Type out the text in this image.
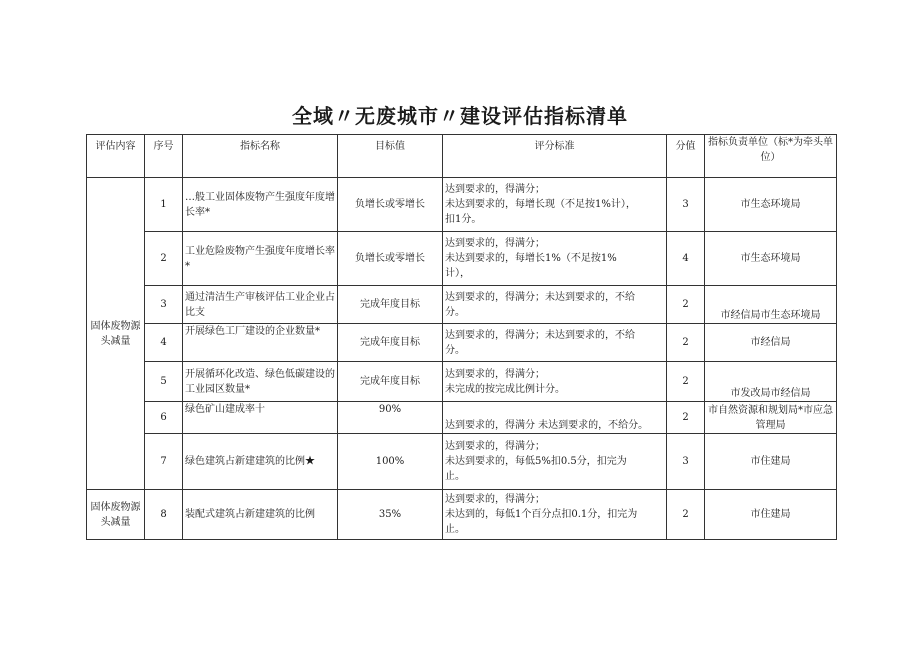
全域〃无废城市〃建设评估指标清单
评估内容	序号	指标名称	目标值	评分标准	分值	指标负责单位（标*为牵头单位）
固体废物源头减量	1	…般工业固体废物产生强度年度增长率*	负增长或零增长	达到要求的，得满分；
未达到要求的，每增长现（不足按1%计），
扣1分。	3	市生态环境局
	2	工业危险废物产生强度年度增长率*	负增长或零增长	达到要求的，得满分；
未达到要求的，每增长1%（不足按1%
计），	4	市生态环境局
	3	通过清洁生产审核评估工业企业占比支	完成年度目标	达到要求的，得满分；未达到要求的，不给
分。	2	市经信局市生态环境局
	4	开展绿色工厂建设的企业数量*	完成年度目标	达到要求的，得满分；未达到要求的，不给
分。	2	市经信局
	5	开展循环化改造、绿色低碳建设的工业园区数量*	完成年度目标	达到要求的，得满分；
未完成的按完成比例计分。	2	市发改局市经信局
	6	绿色矿山建成率十	90%	达到要求的，得满分 未达到要求的，不给分。	2	市自然资源和规划局*市应急管理局
	7	绿色建筑占新建建筑的比例★	100%	达到要求的，得满分；
未达到要求的，每低5%扣0.5分，扣完为
止。	3	市住建局
固体废物源头减量	8	装配式建筑占新建建筑的比例	35%	达到要求的，得满分；
未达到的，每低1个百分点扣0.1分，扣完为
止。	2	市住建局
